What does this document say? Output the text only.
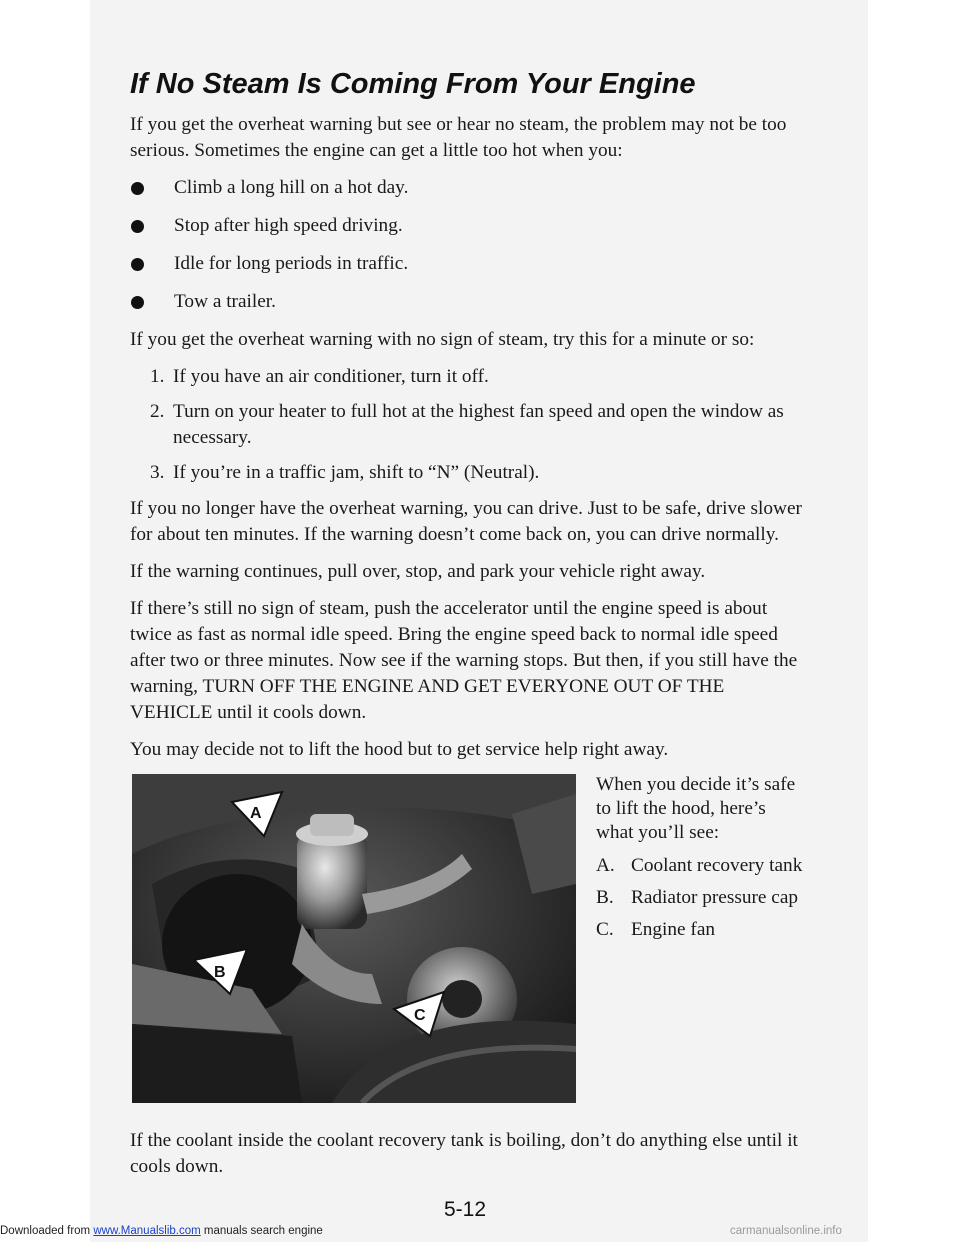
If No Steam Is Coming From Your Engine

If you get the overheat warning but see or hear no steam, the problem may not be too serious. Sometimes the engine can get a little too hot when you:

Climb a long hill on a hot day.
Stop after high speed driving.
Idle for long periods in traffic.
Tow a trailer.

If you get the overheat warning with no sign of steam, try this for a minute or so:

1. If you have an air conditioner, turn it off.
2. Turn on your heater to full hot at the highest fan speed and open the window as necessary.
3. If you’re in a traffic jam, shift to “N” (Neutral).

If you no longer have the overheat warning, you can drive. Just to be safe, drive slower for about ten minutes. If the warning doesn’t come back on, you can drive normally.

If the warning continues, pull over, stop, and park your vehicle right away.

If there’s still no sign of steam, push the accelerator until the engine speed is about twice as fast as normal idle speed. Bring the engine speed back to normal idle speed after two or three minutes. Now see if the warning stops. But then, if you still have the warning, TURN OFF THE ENGINE AND GET EVERYONE OUT OF THE VEHICLE until it cools down.

You may decide not to lift the hood but to get service help right away.

A
B
C

When you decide it’s safe to lift the hood, here’s what you’ll see:

A. Coolant recovery tank
B. Radiator pressure cap
C. Engine fan

If the coolant inside the coolant recovery tank is boiling, don’t do anything else until it cools down.

5-12
Downloaded from www.Manualslib.com manuals search engine	carmanualsonline.info
